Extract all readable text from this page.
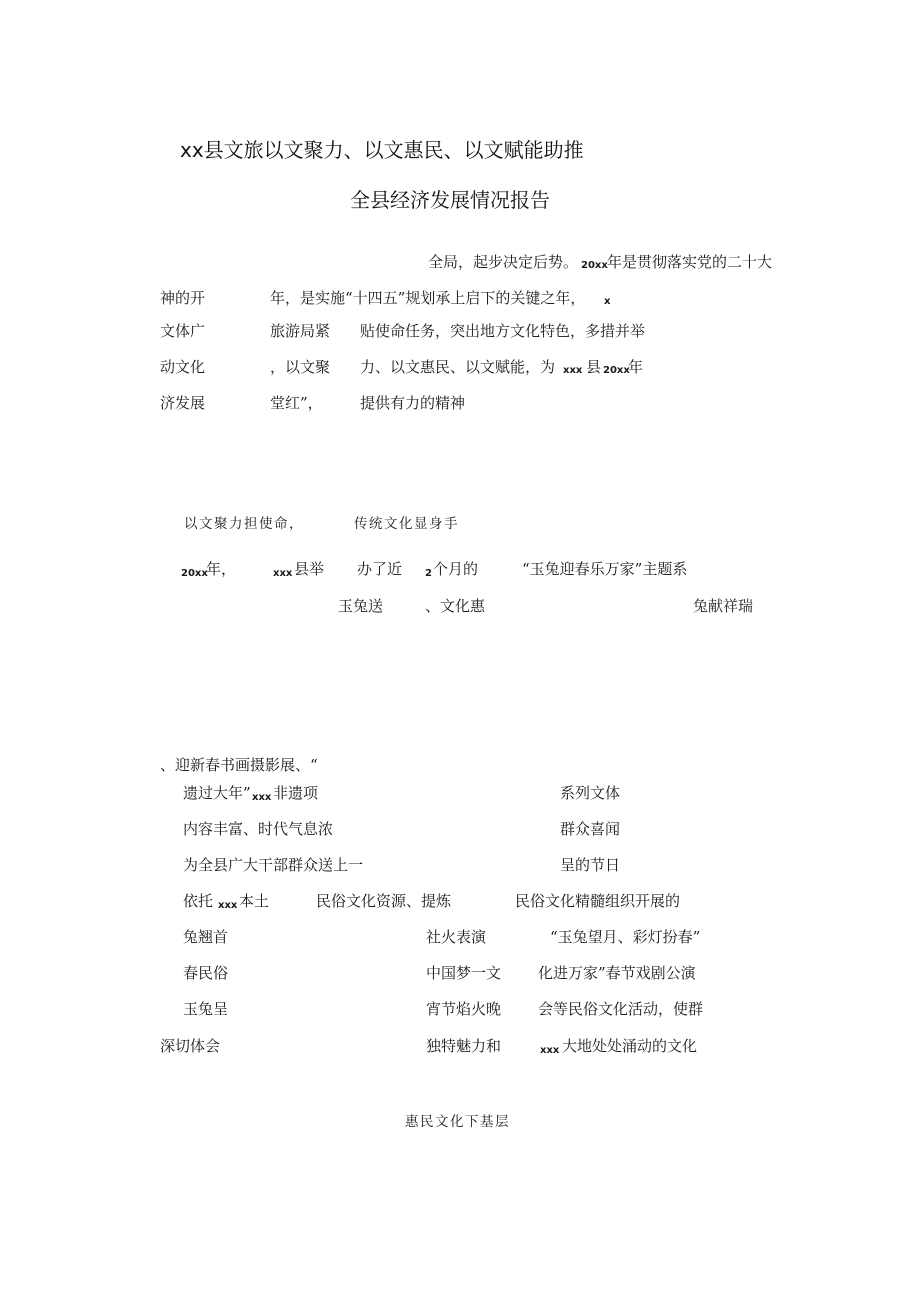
xx县文旅以文聚力、以文惠民、以文赋能助推
全县经济发展情况报告
全局，起步决定后势。 20xx 年是贯彻落实党的二十大
神的开	年，是实施“十四五”规划承上启下的关键之年， x
文体广	旅游局紧 贴使命任务，突出地方文化特色，多措并举
动文化	，以文聚 力、以文惠民、以文赋能，为 xxx 县 20xx
年
济发展	堂红”， 提供有力的精神
以文聚力担使命，	传统文化显身手
20xx
年，	xxx 县举 办了近 2 个月的	“玉兔迎春乐万家”主题系
玉兔送	、文化惠	兔献祥瑞
、迎新春书画摄影展、“
遗过大年” xxx 非遗项	系列文体
内容丰富、时代气息浓	群众喜闻
为全县广大干部群众送上一	呈的节日
依托 xxx 本土	民俗文化资源、提炼	民俗文化精髓组织开展的
兔翘首	社火表演	“玉兔望月、彩灯扮春”
春民俗	中国梦一文 化进万家”春节戏剧公演
玉兔呈	宵节焰火晚 会等民俗文化活动，使群
深切体会	独特魅力和	xxx 大地处处涌动的文化
惠民文化下基层
